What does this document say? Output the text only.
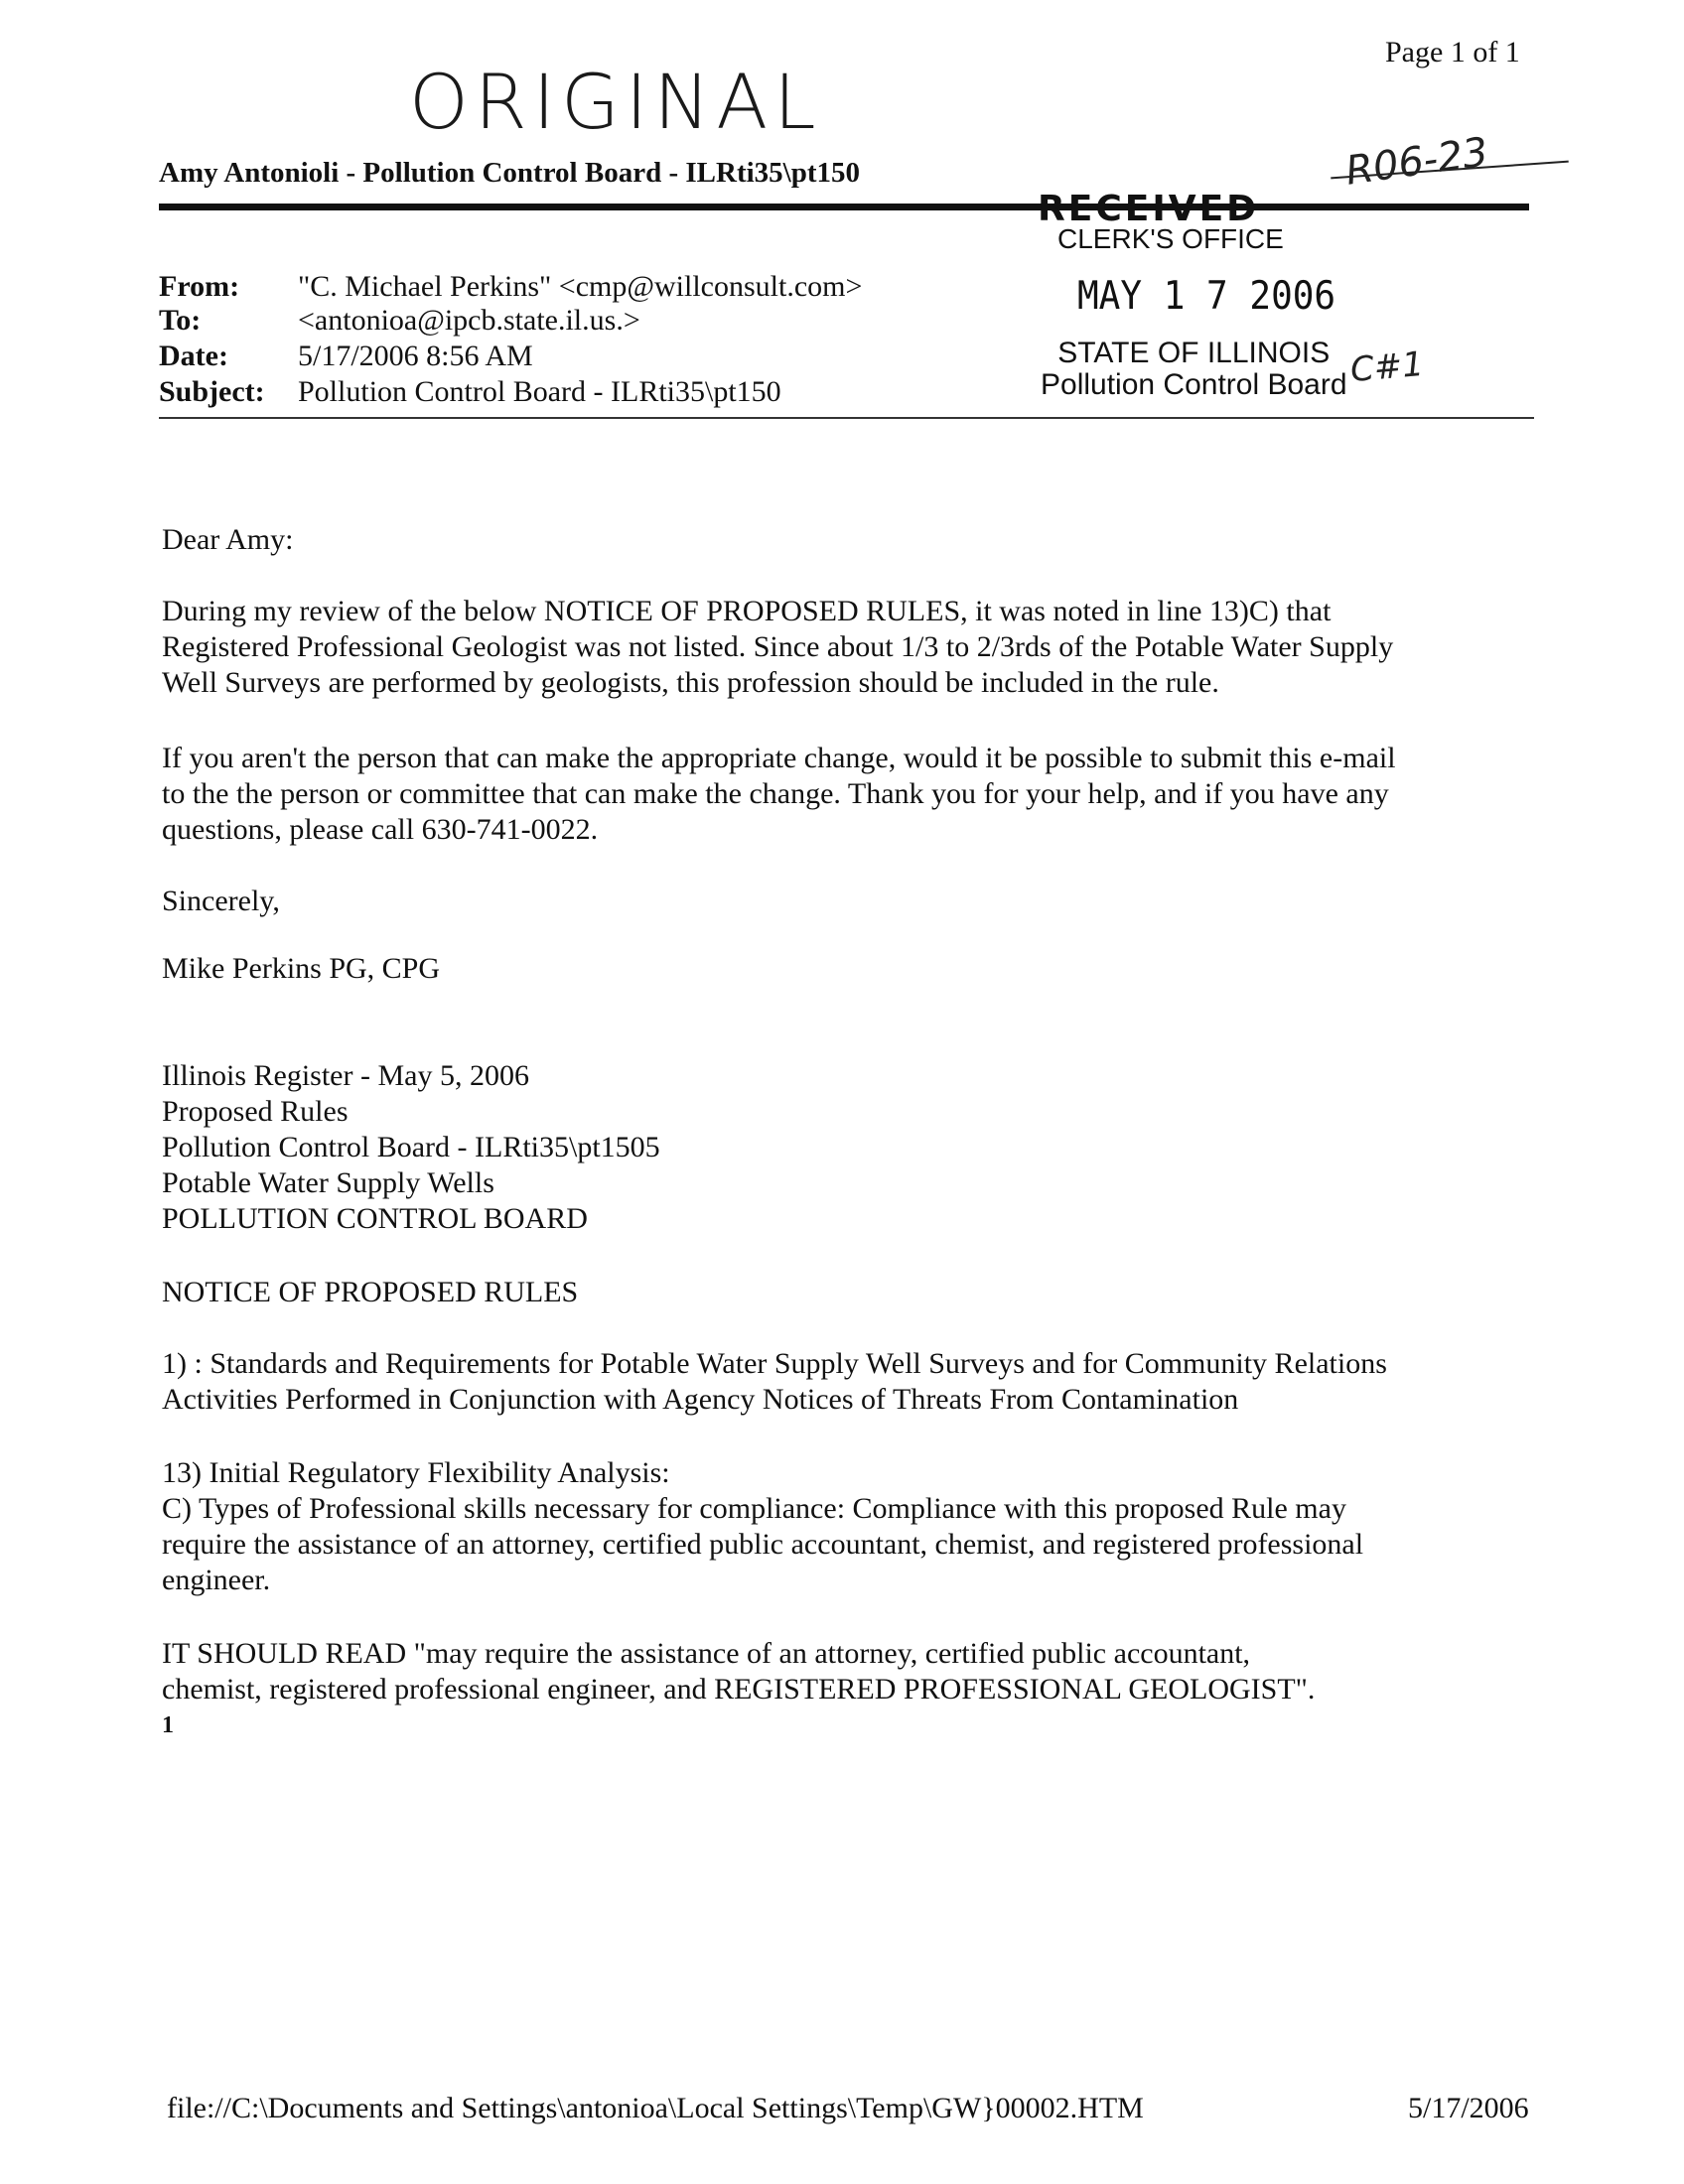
Page 1 of 1
ORIGINAL
R06-23
Amy Antonioli - Pollution Control Board - ILRti35\pt150
RECEIVED
CLERK'S OFFICE
MAY 1 7 2006
STATE OF ILLINOIS
Pollution Control Board C#1
From:	"C. Michael Perkins" <cmp@willconsult.com>
To:	<antonioa@ipcb.state.il.us.>
Date:	5/17/2006 8:56 AM
Subject:	Pollution Control Board - ILRti35\pt150
Dear Amy:
During my review of the below NOTICE OF PROPOSED RULES, it was noted in line 13)C) that
Registered Professional Geologist was not listed. Since about 1/3 to 2/3rds of the Potable Water Supply
Well Surveys are performed by geologists, this profession should be included in the rule.
If you aren't the person that can make the appropriate change, would it be possible to submit this e-mail
to the the person or committee that can make the change. Thank you for your help, and if you have any
questions, please call 630-741-0022.
Sincerely,
Mike Perkins PG, CPG
Illinois Register - May 5, 2006
Proposed Rules
Pollution Control Board - ILRti35\pt1505
Potable Water Supply Wells
POLLUTION CONTROL BOARD
NOTICE OF PROPOSED RULES
1) : Standards and Requirements for Potable Water Supply Well Surveys and for Community Relations
Activities Performed in Conjunction with Agency Notices of Threats From Contamination
13) Initial Regulatory Flexibility Analysis:
C) Types of Professional skills necessary for compliance: Compliance with this proposed Rule may
require the assistance of an attorney, certified public accountant, chemist, and registered professional
engineer.
IT SHOULD READ "may require the assistance of an attorney, certified public accountant,
chemist, registered professional engineer, and REGISTERED PROFESSIONAL GEOLOGIST".
1
file://C:\Documents and Settings\antonioa\Local Settings\Temp\GW}00002.HTM	5/17/2006
